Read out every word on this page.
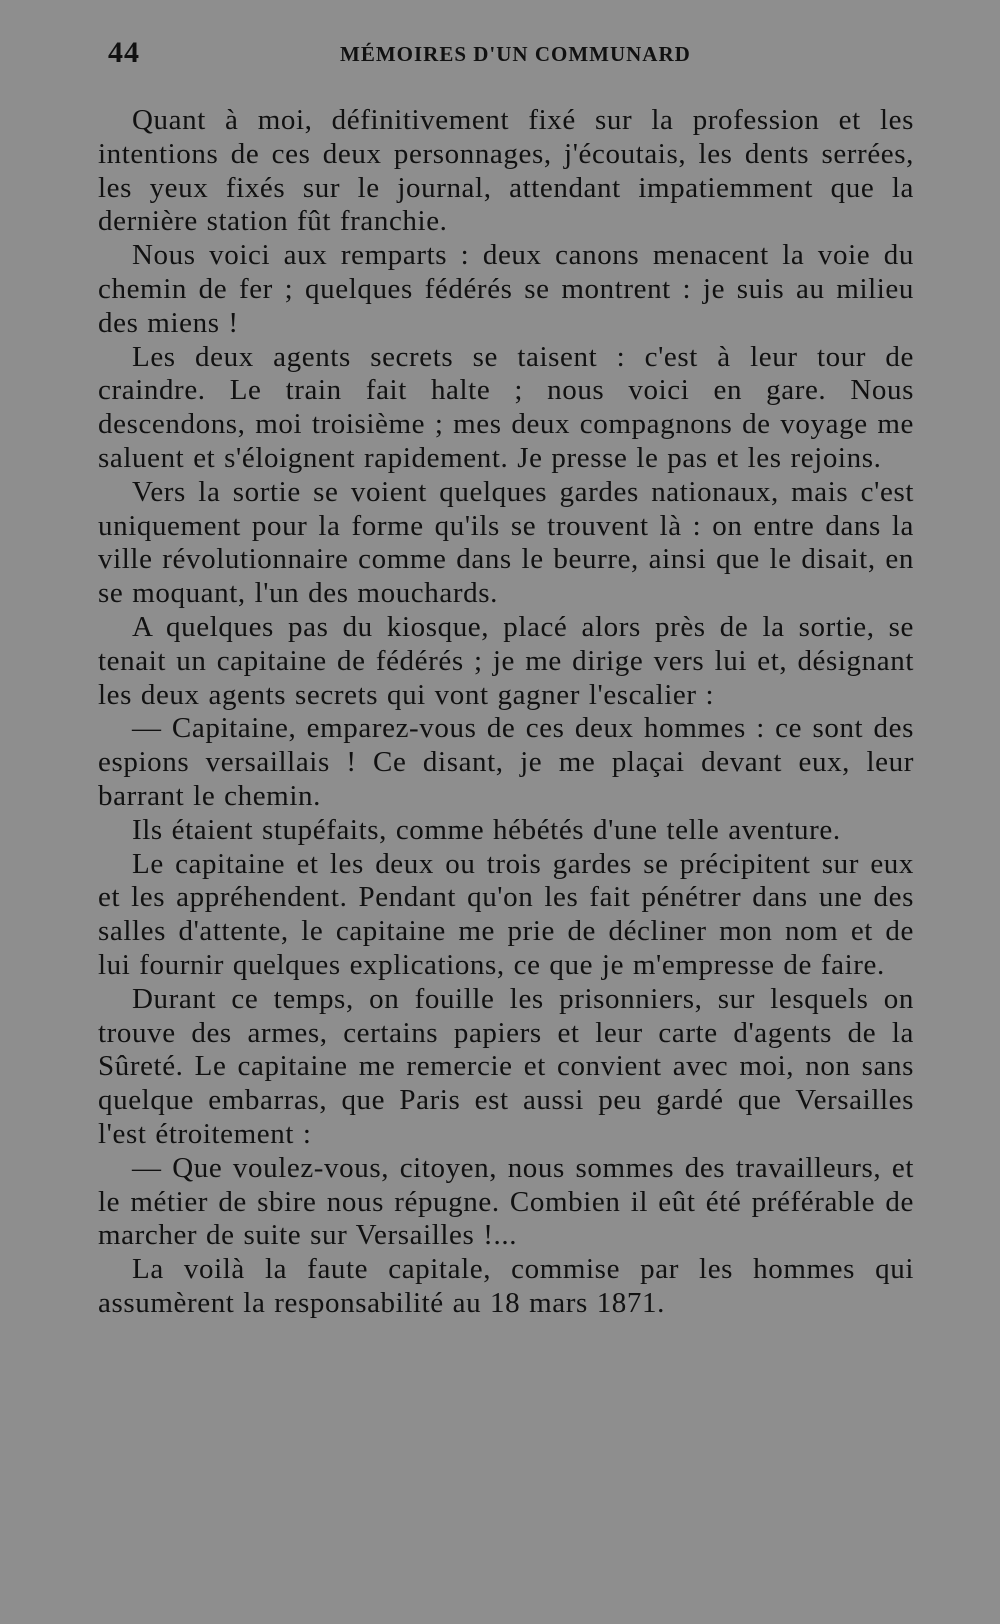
44	MÉMOIRES D'UN COMMUNARD

Quant à moi, définitivement fixé sur la profession et les intentions de ces deux personnages, j'écoutais, les dents serrées, les yeux fixés sur le journal, attendant impatiemment que la dernière station fût franchie.

Nous voici aux remparts : deux canons menacent la voie du chemin de fer ; quelques fédérés se montrent : je suis au milieu des miens !

Les deux agents secrets se taisent : c'est à leur tour de craindre. Le train fait halte ; nous voici en gare. Nous descendons, moi troisième ; mes deux compagnons de voyage me saluent et s'éloignent rapidement. Je presse le pas et les rejoins.

Vers la sortie se voient quelques gardes nationaux, mais c'est uniquement pour la forme qu'ils se trouvent là : on entre dans la ville révolutionnaire comme dans le beurre, ainsi que le disait, en se moquant, l'un des mouchards.

A quelques pas du kiosque, placé alors près de la sortie, se tenait un capitaine de fédérés ; je me dirige vers lui et, désignant les deux agents secrets qui vont gagner l'escalier :

— Capitaine, emparez-vous de ces deux hommes : ce sont des espions versaillais ! Ce disant, je me plaçai devant eux, leur barrant le chemin.

Ils étaient stupéfaits, comme hébétés d'une telle aventure.

Le capitaine et les deux ou trois gardes se précipitent sur eux et les appréhendent. Pendant qu'on les fait pénétrer dans une des salles d'attente, le capitaine me prie de décliner mon nom et de lui fournir quelques explications, ce que je m'empresse de faire.

Durant ce temps, on fouille les prisonniers, sur lesquels on trouve des armes, certains papiers et leur carte d'agents de la Sûreté. Le capitaine me remercie et convient avec moi, non sans quelque embarras, que Paris est aussi peu gardé que Versailles l'est étroitement :

— Que voulez-vous, citoyen, nous sommes des travailleurs, et le métier de sbire nous répugne. Combien il eût été préférable de marcher de suite sur Versailles !...

La voilà la faute capitale, commise par les hommes qui assumèrent la responsabilité au 18 mars 1871.
